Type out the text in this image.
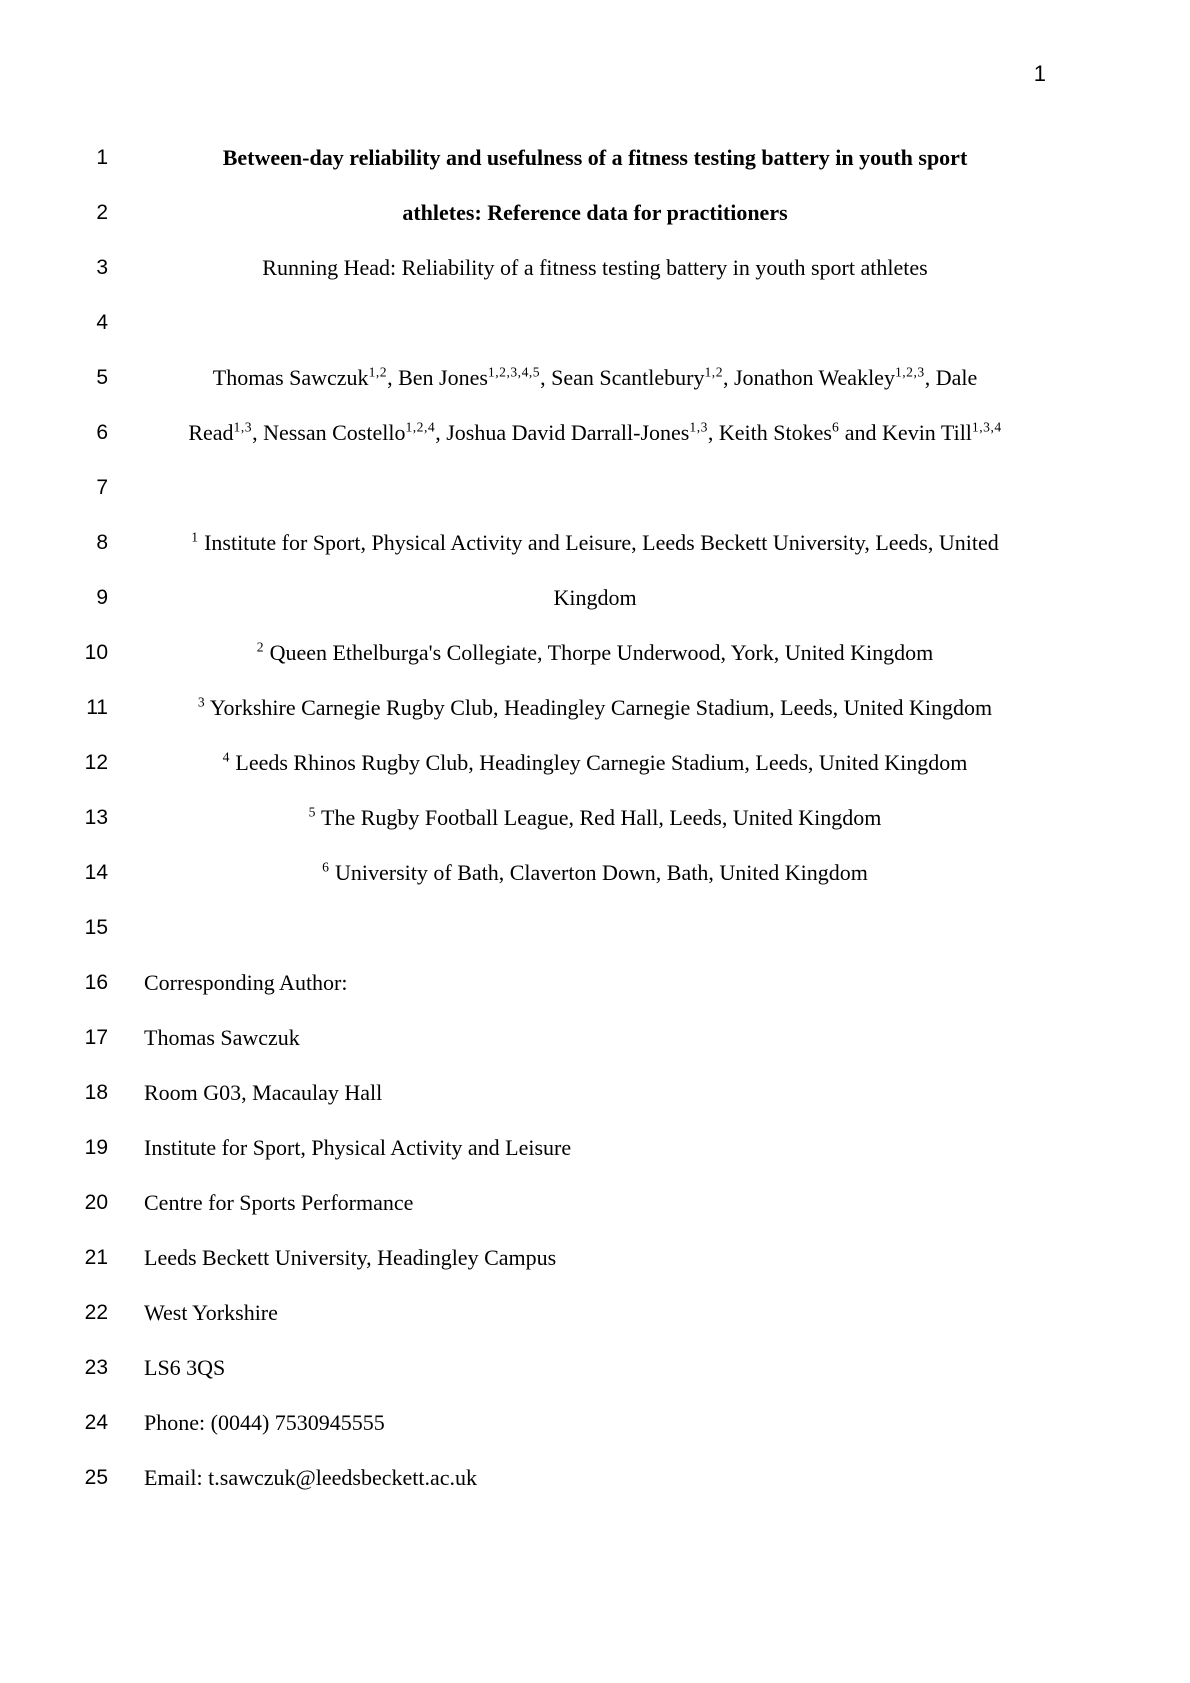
1
1	Between-day reliability and usefulness of a fitness testing battery in youth sport
2	athletes: Reference data for practitioners
3	Running Head: Reliability of a fitness testing battery in youth sport athletes
4
5	Thomas Sawczuk$^{1,2}$, Ben Jones$^{1,2,3,4,5}$, Sean Scantlebury$^{1,2}$, Jonathon Weakley$^{1,2,3}$, Dale
6	Read$^{1,3}$, Nessan Costello$^{1,2,4}$, Joshua David Darrall-Jones$^{1,3}$, Keith Stokes$^6$ and Kevin Till$^{1,3,4}$
7
8	$^1$ Institute for Sport, Physical Activity and Leisure, Leeds Beckett University, Leeds, United
9	Kingdom
10	$^2$ Queen Ethelburga's Collegiate, Thorpe Underwood, York, United Kingdom
11	$^3$ Yorkshire Carnegie Rugby Club, Headingley Carnegie Stadium, Leeds, United Kingdom
12	$^4$ Leeds Rhinos Rugby Club, Headingley Carnegie Stadium, Leeds, United Kingdom
13	$^5$ The Rugby Football League, Red Hall, Leeds, United Kingdom
14	$^6$ University of Bath, Claverton Down, Bath, United Kingdom
15
16 Corresponding Author:
17 Thomas Sawczuk
18 Room G03, Macaulay Hall
19 Institute for Sport, Physical Activity and Leisure
20 Centre for Sports Performance
21 Leeds Beckett University, Headingley Campus
22 West Yorkshire
23 LS6 3QS
24 Phone: (0044) 7530945555
25 Email: t.sawczuk@leedsbeckett.ac.uk
